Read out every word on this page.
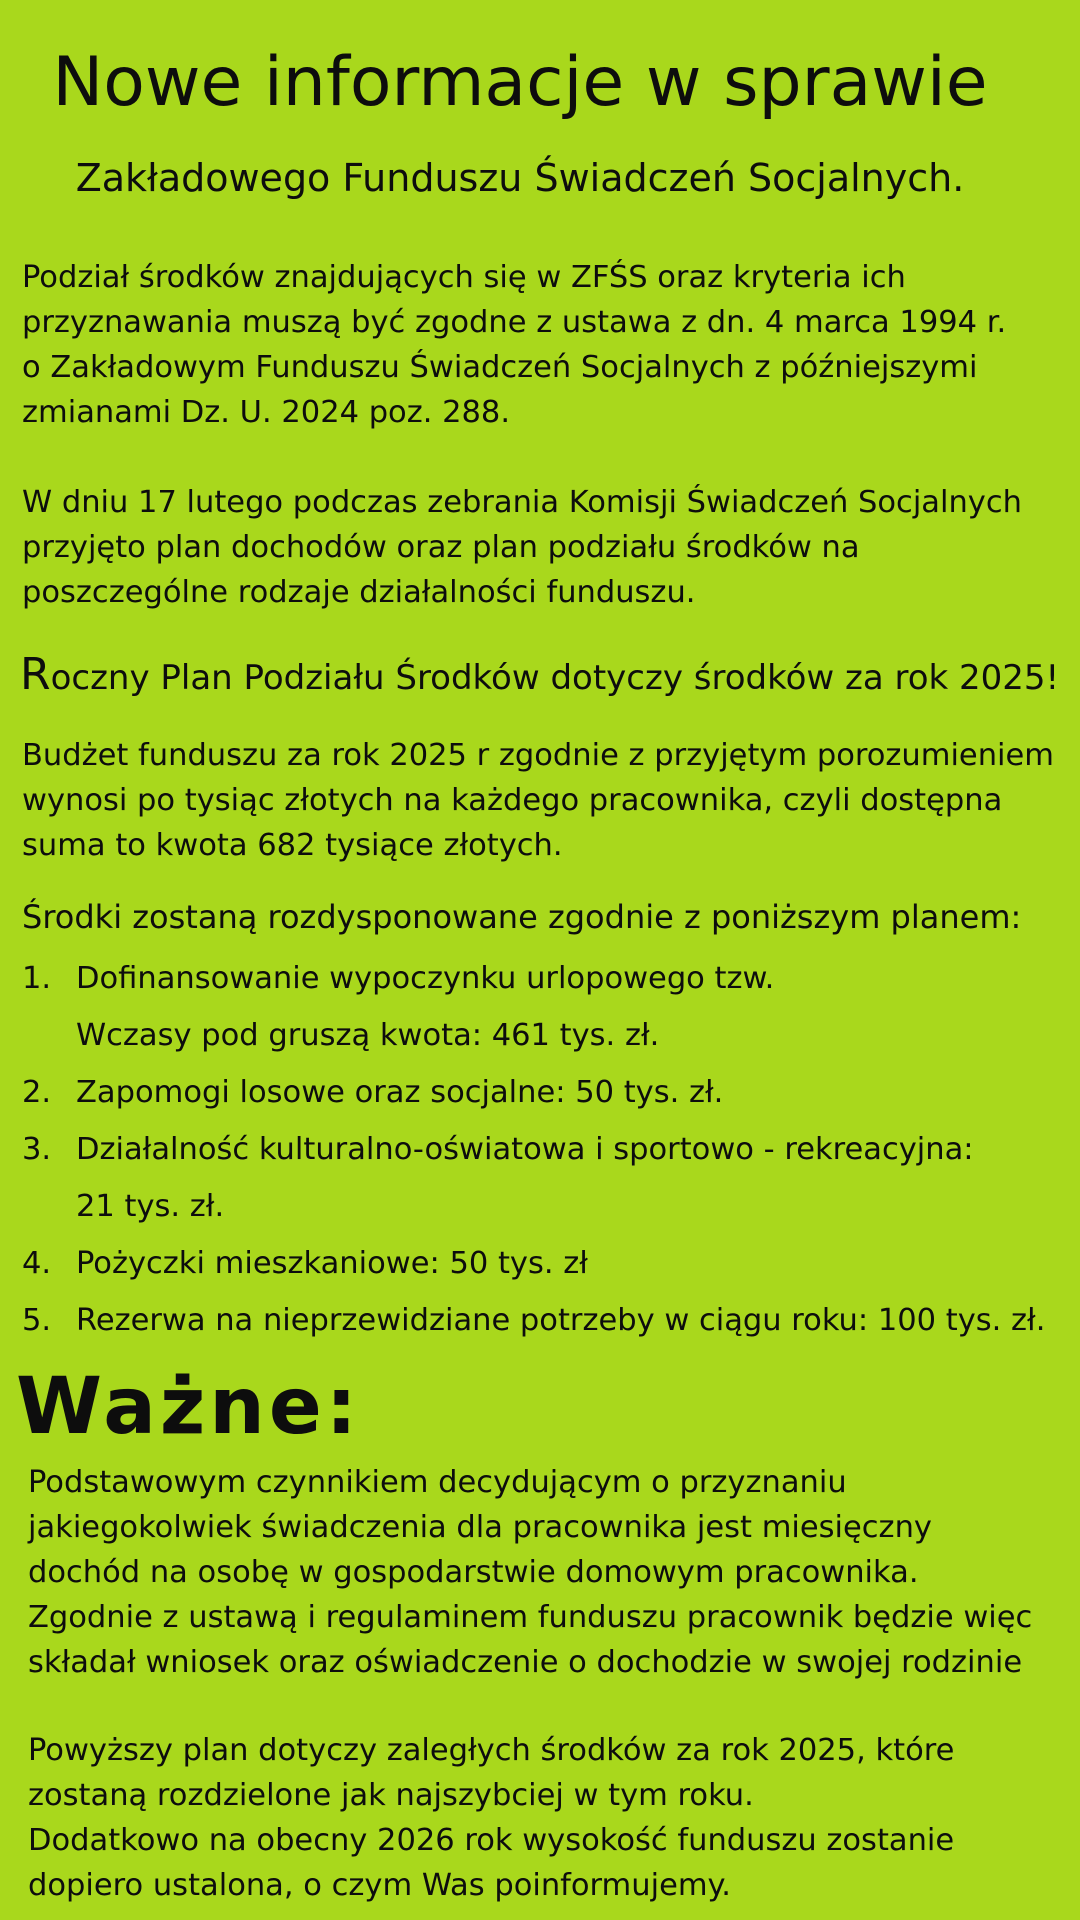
Nowe informacje w sprawie
Zakładowego Funduszu Świadczeń Socjalnych.

Podział środków znajdujących się w ZFŚS oraz kryteria ich
przyznawania muszą być zgodne z ustawa z dn. 4 marca 1994 r.
o Zakładowym Funduszu Świadczeń Socjalnych z późniejszymi
zmianami Dz. U. 2024 poz. 288.

W dniu 17 lutego podczas zebrania Komisji Świadczeń Socjalnych
przyjęto plan dochodów oraz plan podziału środków na
poszczególne rodzaje działalności funduszu.

Roczny Plan Podziału Środków dotyczy środków za rok 2025!

Budżet funduszu za rok 2025 r zgodnie z przyjętym porozumieniem
wynosi po tysiąc złotych na każdego pracownika, czyli dostępna
suma to kwota 682 tysiące złotych.

Środki zostaną rozdysponowane zgodnie z poniższym planem:

1. Dofinansowanie wypoczynku urlopowego tzw.
Wczasy pod gruszą kwota: 461 tys. zł.
2. Zapomogi losowe oraz socjalne: 50 tys. zł.
3. Działalność kulturalno-oświatowa i sportowo - rekreacyjna:
21 tys. zł.
4. Pożyczki mieszkaniowe: 50 tys. zł
5. Rezerwa na nieprzewidziane potrzeby w ciągu roku: 100 tys. zł.
Ważne:

Podstawowym czynnikiem decydującym o przyznaniu
jakiegokolwiek świadczenia dla pracownika jest miesięczny
dochód na osobę w gospodarstwie domowym pracownika.
Zgodnie z ustawą i regulaminem funduszu pracownik będzie więc
składał wniosek oraz oświadczenie o dochodzie w swojej rodzinie

Powyższy plan dotyczy zaległych środków za rok 2025, które
zostaną rozdzielone jak najszybciej w tym roku.
Dodatkowo na obecny 2026 rok wysokość funduszu zostanie
dopiero ustalona, o czym Was poinformujemy.
